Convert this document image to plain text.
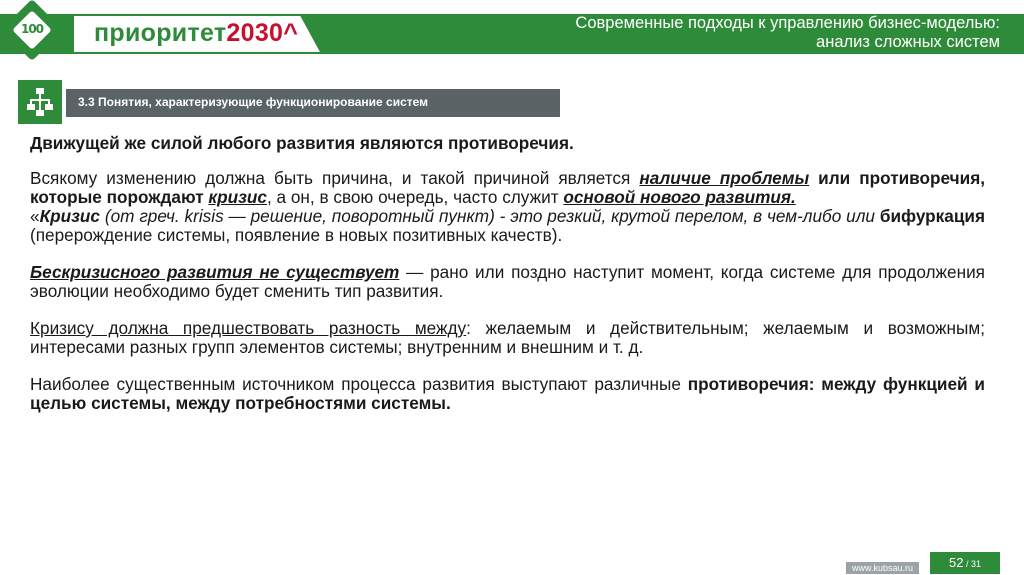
100 приоритет2030^	Современные подходы к управлению бизнес-моделью:
анализ сложных систем
3.3 Понятия, характеризующие функционирование систем

Движущей же силой любого развития являются противоречия.

Всякому изменению должна быть причина, и такой причиной является наличие проблемы или противоречия, которые порождают кризис, а он, в свою очередь, часто служит основой нового развития.

«Кризис (от греч. krisis — решение, поворотный пункт) - это резкий, крутой перелом, в чем-либо или бифуркация (перерождение системы, появление в новых позитивных качеств).

Бескризисного развития не существует — рано или поздно наступит момент, когда системе для продолжения эволюции необходимо будет сменить тип развития.

Кризису должна предшествовать разность между: желаемым и действительным; желаемым и возможным; интересами разных групп элементов системы; внутренним и внешним и т. д.

Наиболее существенным источником процесса развития выступают различные противоречия: между функцией и целью системы, между потребностями системы.

www.kubsau.ru	52 / 31
